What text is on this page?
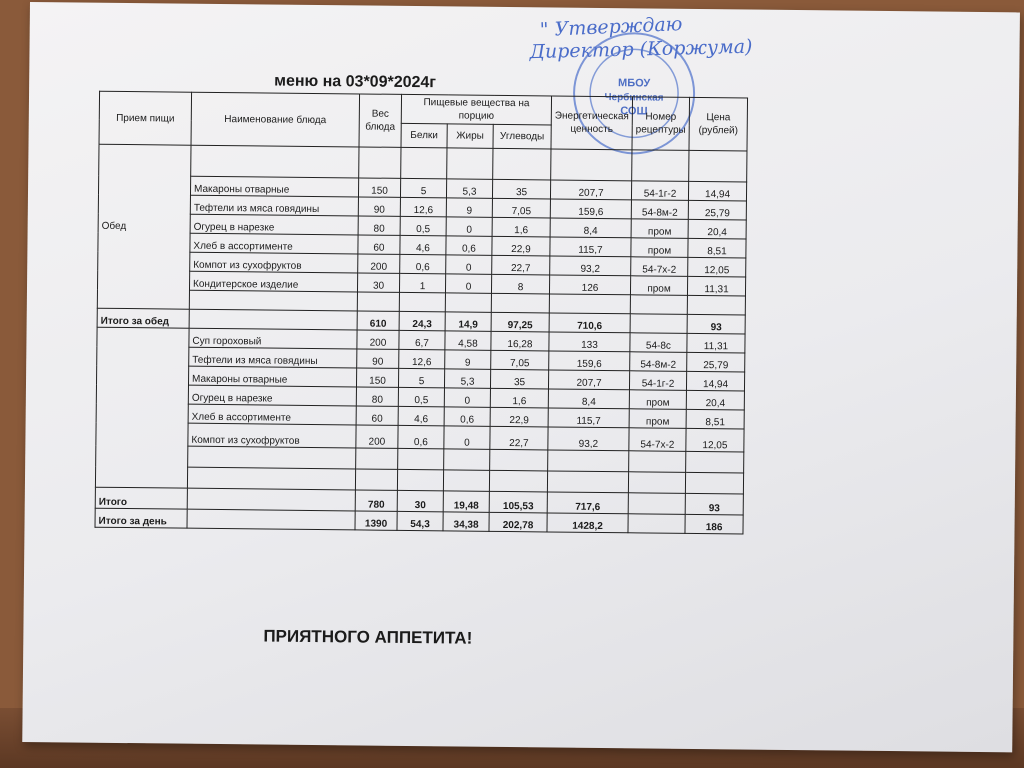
" Утверждаю
Директор (Коржума)
МБОУ
Чербинская
СОШ
меню на 03*09*2024г
Прием пищи	Наименование блюда	Вес блюда	Пищевые вещества на порцию			Энергетическая ценность	Номер рецептуры	Цена (рублей)
			Белки	Жиры	Углеводы			
Обед								
	Макароны отварные	150	5	5,3	35	207,7	54-1г-2	14,94
	Тефтели из мяса говядины	90	12,6	9	7,05	159,6	54-8м-2	25,79
	Огурец в нарезке	80	0,5	0	1,6	8,4	пром	20,4
	Хлеб в ассортименте	60	4,6	0,6	22,9	115,7	пром	8,51
	Компот из сухофруктов	200	0,6	0	22,7	93,2	54-7х-2	12,05
	Кондитерское изделие	30	1	0	8	126	пром	11,31

Итого за обед		610	24,3	14,9	97,25	710,6		93
	Суп гороховый	200	6,7	4,58	16,28	133	54-8с	11,31
	Тефтели из мяса говядины	90	12,6	9	7,05	159,6	54-8м-2	25,79
	Макароны отварные	150	5	5,3	35	207,7	54-1г-2	14,94
	Огурец в нарезке	80	0,5	0	1,6	8,4	пром	20,4
	Хлеб в ассортименте	60	4,6	0,6	22,9	115,7	пром	8,51
	Компот из сухофруктов	200	0,6	0	22,7	93,2	54-7х-2	12,05

Итого		780	30	19,48	105,53	717,6		93
Итого за день		1390	54,3	34,38	202,78	1428,2		186
ПРИЯТНОГО АППЕТИТА!
